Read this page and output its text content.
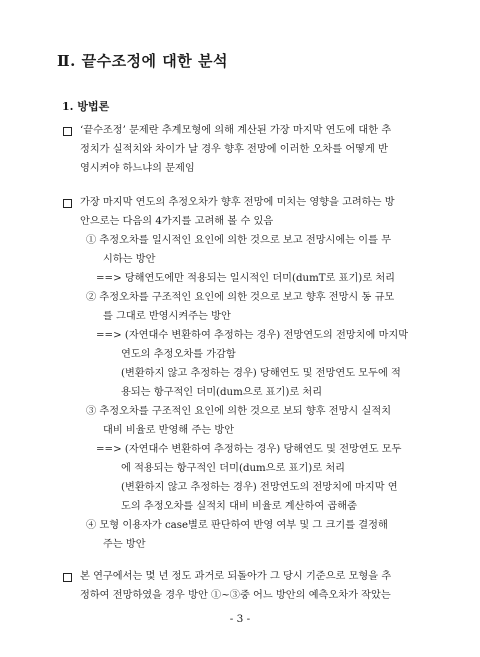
Ⅱ. 끝수조정에 대한 분석
1. 방법론
‘끝수조정’ 문제란 추계모형에 의해 계산된 가장 마지막 연도에 대한 추
정치가 실적치와 차이가 날 경우 향후 전망에 이러한 오차를 어떻게 반
영시켜야 하느냐의 문제임
가장 마지막 연도의 추정오차가 향후 전망에 미치는 영향을 고려하는 방
안으로는 다음의 4가지를 고려해 볼 수 있음
① 추정오차를 일시적인 요인에 의한 것으로 보고 전망시에는 이를 무
시하는 방안
==> 당해연도에만 적용되는 일시적인 더미(dumT로 표기)로 처리
② 추정오차를 구조적인 요인에 의한 것으로 보고 향후 전망시 동 규모
를 그대로 반영시켜주는 방안
==> (자연대수 변환하여 추정하는 경우) 전망연도의 전망치에 마지막
연도의 추정오차를 가감함
(변환하지 않고 추정하는 경우) 당해연도 및 전망연도 모두에 적
용되는 항구적인 더미(dum으로 표기)로 처리
③ 추정오차를 구조적인 요인에 의한 것으로 보되 향후 전망시 실적치
대비 비율로 반영해 주는 방안
==> (자연대수 변환하여 추정하는 경우) 당해연도 및 전망연도 모두
에 적용되는 항구적인 더미(dum으로 표기)로 처리
(변환하지 않고 추정하는 경우) 전망연도의 전망치에 마지막 연
도의 추정오차를 실적치 대비 비율로 계산하여 곱해줌
④ 모형 이용자가 case별로 판단하여 반영 여부 및 그 크기를 결정해
주는 방안
- 3 -
본 연구에서는 몇 년 정도 과거로 되돌아가 그 당시 기준으로 모형을 추
정하여 전망하였을 경우 방안 ①~③중 어느 방안의 예측오차가 작았는
